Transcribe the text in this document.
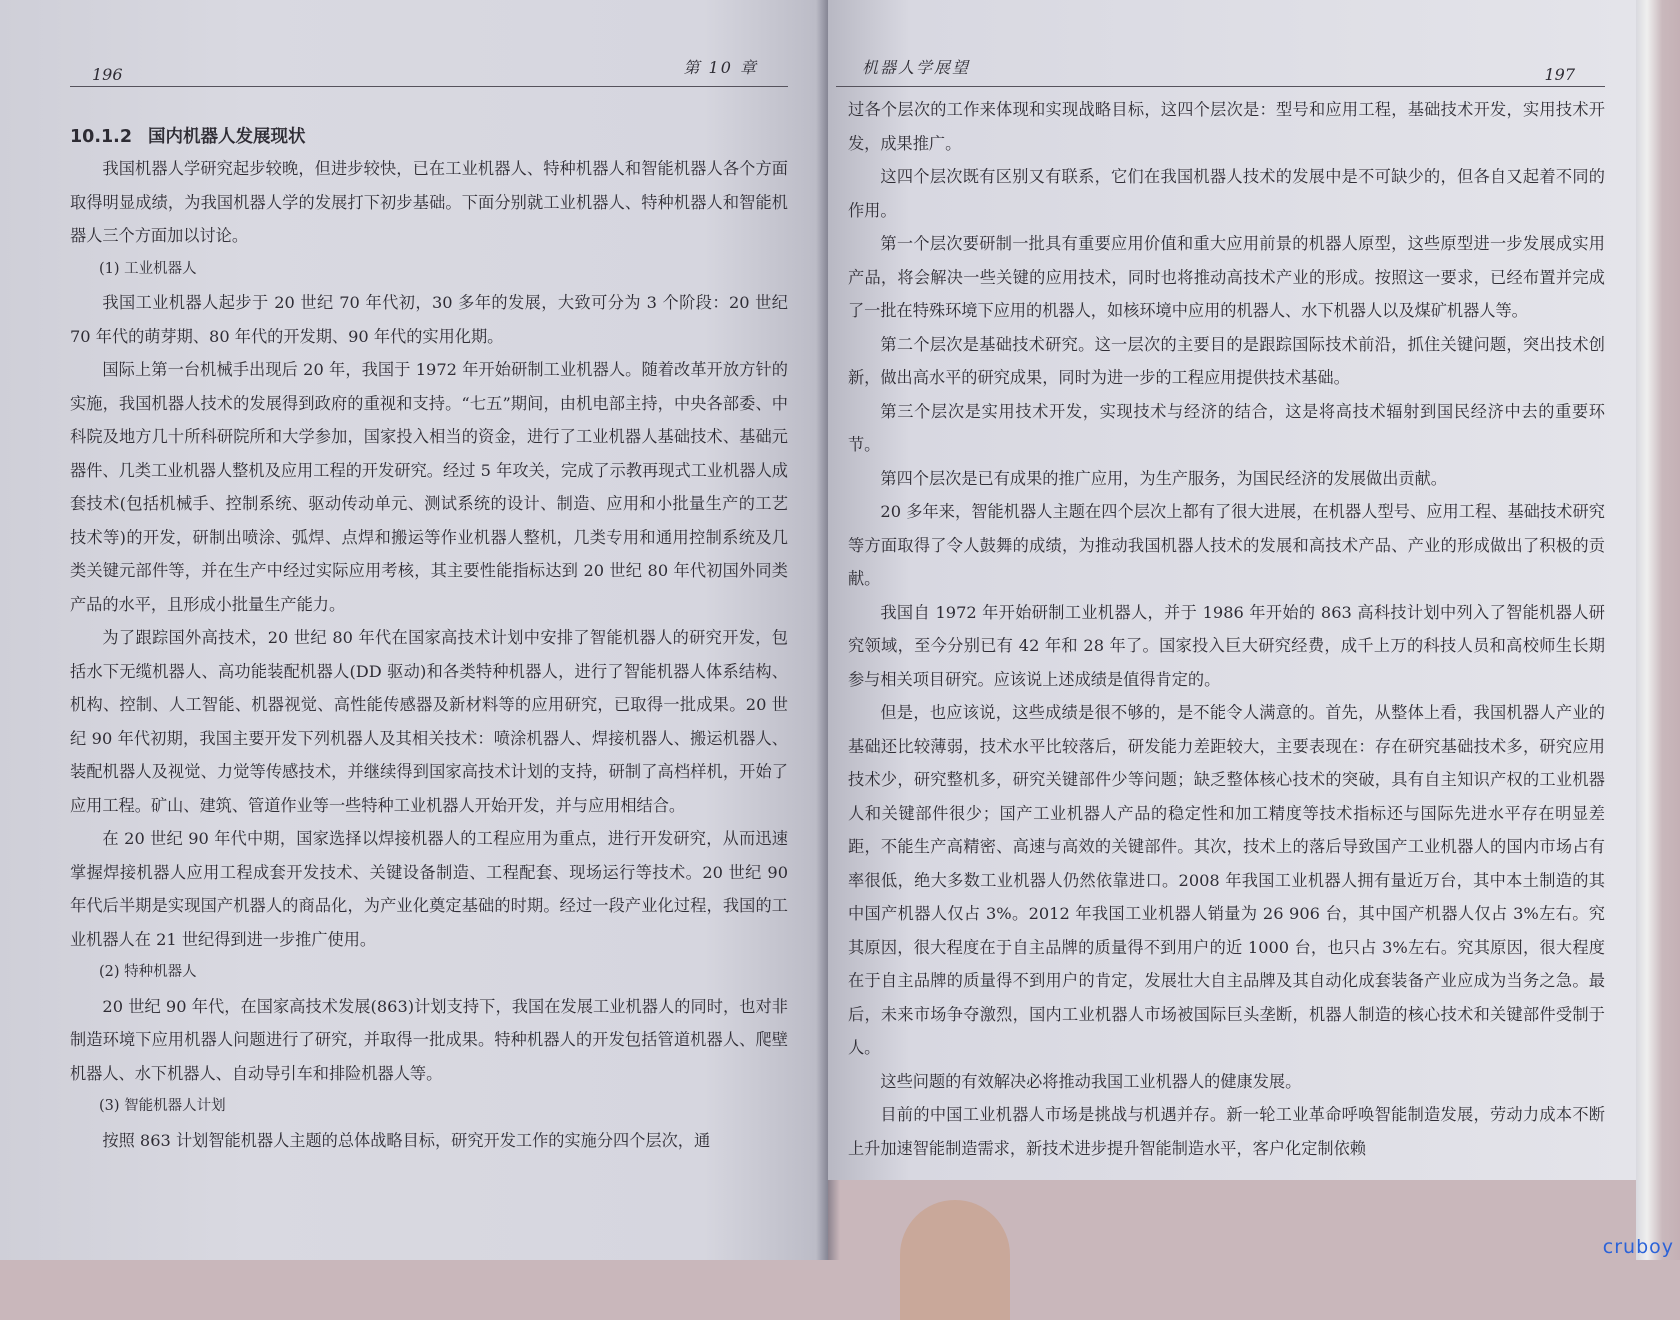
196	第 10 章
10.1.2 国内机器人发展现状

我国机器人学研究起步较晚，但进步较快，已在工业机器人、特种机器人和智能机器人各个方面取得明显成绩，为我国机器人学的发展打下初步基础。下面分别就工业机器人、特种机器人和智能机器人三个方面加以讨论。

(1) 工业机器人

我国工业机器人起步于 20 世纪 70 年代初，30 多年的发展，大致可分为 3 个阶段：20 世纪 70 年代的萌芽期、80 年代的开发期、90 年代的实用化期。

国际上第一台机械手出现后 20 年，我国于 1972 年开始研制工业机器人。随着改革开放方针的实施，我国机器人技术的发展得到政府的重视和支持。“七五”期间，由机电部主持，中央各部委、中科院及地方几十所科研院所和大学参加，国家投入相当的资金，进行了工业机器人基础技术、基础元器件、几类工业机器人整机及应用工程的开发研究。经过 5 年攻关，完成了示教再现式工业机器人成套技术(包括机械手、控制系统、驱动传动单元、测试系统的设计、制造、应用和小批量生产的工艺技术等)的开发，研制出喷涂、弧焊、点焊和搬运等作业机器人整机，几类专用和通用控制系统及几类关键元部件等，并在生产中经过实际应用考核，其主要性能指标达到 20 世纪 80 年代初国外同类产品的水平，且形成小批量生产能力。

为了跟踪国外高技术，20 世纪 80 年代在国家高技术计划中安排了智能机器人的研究开发，包括水下无缆机器人、高功能装配机器人(DD 驱动)和各类特种机器人，进行了智能机器人体系结构、机构、控制、人工智能、机器视觉、高性能传感器及新材料等的应用研究，已取得一批成果。20 世纪 90 年代初期，我国主要开发下列机器人及其相关技术：喷涂机器人、焊接机器人、搬运机器人、装配机器人及视觉、力觉等传感技术，并继续得到国家高技术计划的支持，研制了高档样机，开始了应用工程。矿山、建筑、管道作业等一些特种工业机器人开始开发，并与应用相结合。

在 20 世纪 90 年代中期，国家选择以焊接机器人的工程应用为重点，进行开发研究，从而迅速掌握焊接机器人应用工程成套开发技术、关键设备制造、工程配套、现场运行等技术。20 世纪 90 年代后半期是实现国产机器人的商品化，为产业化奠定基础的时期。经过一段产业化过程，我国的工业机器人在 21 世纪得到进一步推广使用。

(2) 特种机器人

20 世纪 90 年代，在国家高技术发展(863)计划支持下，我国在发展工业机器人的同时，也对非制造环境下应用机器人问题进行了研究，并取得一批成果。特种机器人的开发包括管道机器人、爬壁机器人、水下机器人、自动导引车和排险机器人等。

(3) 智能机器人计划

按照 863 计划智能机器人主题的总体战略目标，研究开发工作的实施分四个层次，通

机器人学展望	197

过各个层次的工作来体现和实现战略目标，这四个层次是：型号和应用工程，基础技术开发，实用技术开发，成果推广。

这四个层次既有区别又有联系，它们在我国机器人技术的发展中是不可缺少的，但各自又起着不同的作用。

第一个层次要研制一批具有重要应用价值和重大应用前景的机器人原型，这些原型进一步发展成实用产品，将会解决一些关键的应用技术，同时也将推动高技术产业的形成。按照这一要求，已经布置并完成了一批在特殊环境下应用的机器人，如核环境中应用的机器人、水下机器人以及煤矿机器人等。

第二个层次是基础技术研究。这一层次的主要目的是跟踪国际技术前沿，抓住关键问题，突出技术创新，做出高水平的研究成果，同时为进一步的工程应用提供技术基础。

第三个层次是实用技术开发，实现技术与经济的结合，这是将高技术辐射到国民经济中去的重要环节。

第四个层次是已有成果的推广应用，为生产服务，为国民经济的发展做出贡献。

20 多年来，智能机器人主题在四个层次上都有了很大进展，在机器人型号、应用工程、基础技术研究等方面取得了令人鼓舞的成绩，为推动我国机器人技术的发展和高技术产品、产业的形成做出了积极的贡献。

我国自 1972 年开始研制工业机器人，并于 1986 年开始的 863 高科技计划中列入了智能机器人研究领域，至今分别已有 42 年和 28 年了。国家投入巨大研究经费，成千上万的科技人员和高校师生长期参与相关项目研究。应该说上述成绩是值得肯定的。

但是，也应该说，这些成绩是很不够的，是不能令人满意的。首先，从整体上看，我国机器人产业的基础还比较薄弱，技术水平比较落后，研发能力差距较大，主要表现在：存在研究基础技术多，研究应用技术少，研究整机多，研究关键部件少等问题；缺乏整体核心技术的突破，具有自主知识产权的工业机器人和关键部件很少；国产工业机器人产品的稳定性和加工精度等技术指标还与国际先进水平存在明显差距，不能生产高精密、高速与高效的关键部件。其次，技术上的落后导致国产工业机器人的国内市场占有率很低，绝大多数工业机器人仍然依靠进口。2008 年我国工业机器人拥有量近万台，其中本土制造的其中国产机器人仅占 3%。2012 年我国工业机器人销量为 26 906 台，其中国产机器人仅占 3%左右。究其原因，很大程度在于自主品牌的质量得不到用户的近 1000 台，也只占 3%左右。究其原因，很大程度在于自主品牌的质量得不到用户的肯定，发展壮大自主品牌及其自动化成套装备产业应成为当务之急。最后，未来市场争夺激烈，国内工业机器人市场被国际巨头垄断，机器人制造的核心技术和关键部件受制于人。

这些问题的有效解决必将推动我国工业机器人的健康发展。

目前的中国工业机器人市场是挑战与机遇并存。新一轮工业革命呼唤智能制造发展，劳动力成本不断上升加速智能制造需求，新技术进步提升智能制造水平，客户化定制依赖

cruboy
